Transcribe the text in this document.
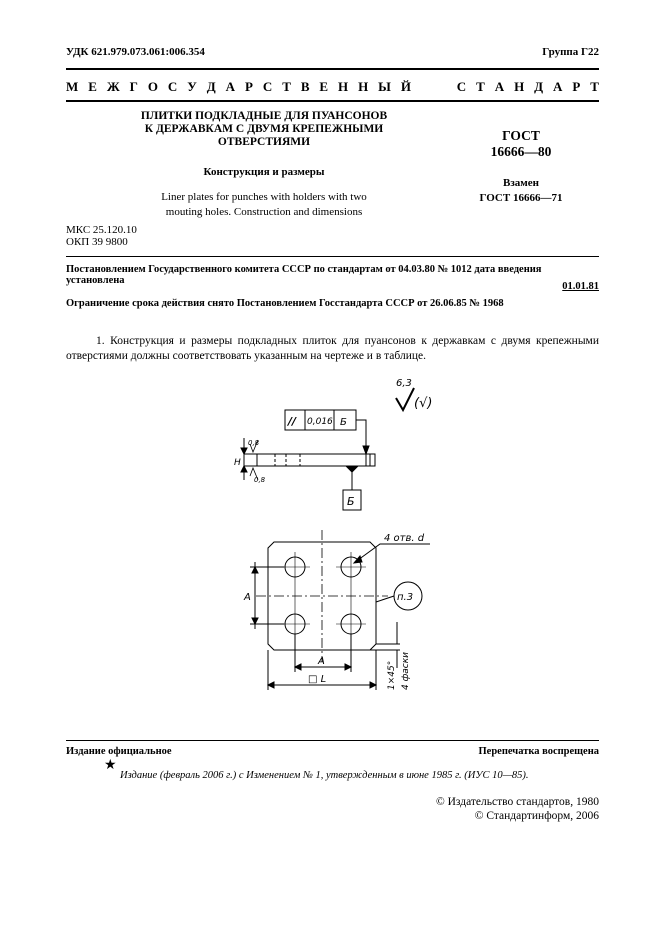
УДК 621.979.073.061:006.354	Группа Г22
М Е Ж Г О С У Д А Р С Т В Е Н Н Ы Й	С Т А Н Д А Р Т
ПЛИТКИ ПОДКЛАДНЫЕ ДЛЯ ПУАНСОНОВ
К ДЕРЖАВКАМ С ДВУМЯ КРЕПЕЖНЫМИ
ОТВЕРСТИЯМИ
Конструкция и размеры
Liner plates for punches with holders with two
mouting holes. Construction and dimensions
ГОСТ
16666—80
Взамен
ГОСТ 16666—71
МКС 25.120.10
ОКП 39 9800
Постановлением Государственного комитета СССР по стандартам от 04.03.80 № 1012 дата введения установлена
01.01.81
Ограничение срока действия снято Постановлением Госстандарта СССР от 26.06.85 № 1968
1. Конструкция и размеры подкладных плиток для пуансонов к державкам с двумя крепежными отверстиями должны соответствовать указанным на чертеже и в таблице.
6,3
(√)
// 0,016 Б
H
0,8
0,8
Б
4 отв. d
п.3
A
A
□ L	1×45° 4 фаски
Издание официальное	Перепечатка воспрещена
★
Издание (февраль 2006 г.) с Изменением № 1, утвержденным в июне 1985 г. (ИУС 10—85).
© Издательство стандартов, 1980
© Стандартинформ, 2006
